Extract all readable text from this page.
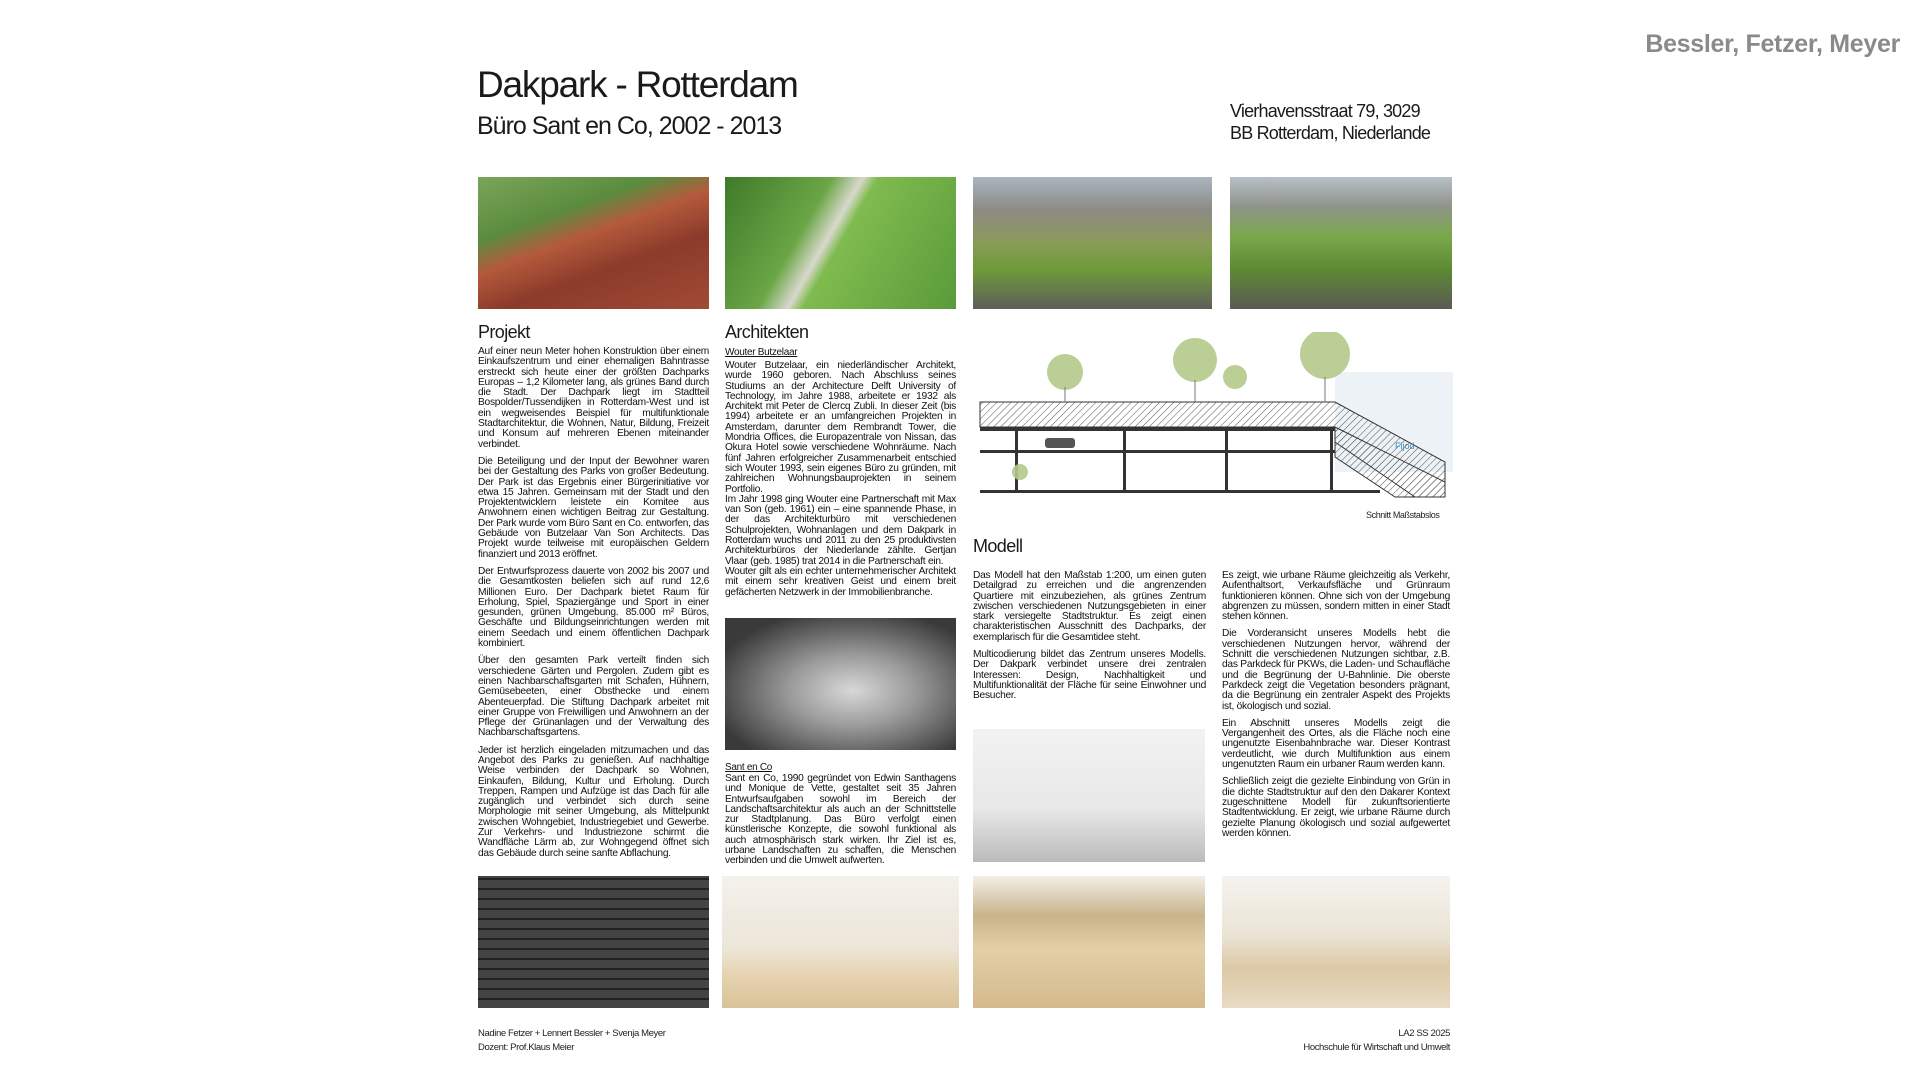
Bessler, Fetzer, Meyer
Dakpark - Rotterdam
Büro Sant en Co, 2002 - 2013
Vierhavensstraat 79, 3029
BB Rotterdam, Niederlande
Projekt

Auf einer neun Meter hohen Konstruktion über einem Einkaufszentrum und einer ehemaligen Bahntrasse erstreckt sich heute einer der größten Dachparks Europas – 1,2 Kilometer lang, als grünes Band durch die Stadt. Der Dachpark liegt im Stadtteil Bospolder/Tussendijken in Rotterdam-West und ist ein wegweisendes Beispiel für multifunktionale Stadtarchitektur, die Wohnen, Natur, Bildung, Freizeit und Konsum auf mehreren Ebenen miteinander verbindet.

Die Beteiligung und der Input der Bewohner waren bei der Gestaltung des Parks von großer Bedeutung. Der Park ist das Ergebnis einer Bürgerinitiative vor etwa 15 Jahren. Gemeinsam mit der Stadt und den Projektentwicklern leistete ein Komitee aus Anwohnern einen wichtigen Beitrag zur Gestaltung. Der Park wurde vom Büro Sant en Co. entworfen, das Gebäude von Butzelaar Van Son Architects. Das Projekt wurde teilweise mit europäischen Geldern finanziert und 2013 eröffnet.

Der Entwurfsprozess dauerte von 2002 bis 2007 und die Gesamtkosten beliefen sich auf rund 12,6 Millionen Euro. Der Dachpark bietet Raum für Erholung, Spiel, Spaziergänge und Sport in einer gesunden, grünen Umgebung. 85.000 m² Büros, Geschäfte und Bildungseinrichtungen werden mit einem Seedach und einem öffentlichen Dachpark kombiniert.

Über den gesamten Park verteilt finden sich verschiedene Gärten und Pergolen. Zudem gibt es einen Nachbarschaftsgarten mit Schafen, Hühnern, Gemüsebeeten, einer Obsthecke und einem Abenteuerpfad. Die Stiftung Dachpark arbeitet mit einer Gruppe von Freiwilligen und Anwohnern an der Pflege der Grünanlagen und der Verwaltung des Nachbarschaftsgartens.

Jeder ist herzlich eingeladen mitzumachen und das Angebot des Parks zu genießen. Auf nachhaltige Weise verbinden der Dachpark so Wohnen, Einkaufen, Bildung, Kultur und Erholung. Durch Treppen, Rampen und Aufzüge ist das Dach für alle zugänglich und verbindet sich durch seine Morphologie mit seiner Umgebung, als Mittelpunkt zwischen Wohngebiet, Industriegebiet und Gewerbe. Zur Verkehrs- und Industriezone schirmt die Wandfläche Lärm ab, zur Wohngegend öffnet sich das Gebäude durch seine sanfte Abflachung.

Architekten
Wouter Butzelaar
Wouter Butzelaar, ein niederländischer Architekt, wurde 1960 geboren. Nach Abschluss seines Studiums an der Architecture Delft University of Technology, im Jahre 1988, arbeitete er 1932 als Architekt mit Peter de Clercq Zubli. In dieser Zeit (bis 1994) arbeitete er an umfangreichen Projekten in Amsterdam, darunter dem Rembrandt Tower, die Mondria Offices, die Europazentrale von Nissan, das Okura Hotel sowie verschiedene Wohnräume. Nach fünf Jahren erfolgreicher Zusammenarbeit entschied sich Wouter 1993, sein eigenes Büro zu gründen, mit zahlreichen Wohnungsbauprojekten in seinem Portfolio.
Im Jahr 1998 ging Wouter eine Partnerschaft mit Max van Son (geb. 1961) ein – eine spannende Phase, in der das Architekturbüro mit verschiedenen Schulprojekten, Wohnanlagen und dem Dakpark in Rotterdam wuchs und 2011 zu den 25 produktivsten Architekturbüros der Niederlande zählte. Gertjan Vlaar (geb. 1985) trat 2014 in die Partnerschaft ein.
Wouter gilt als ein echter unternehmerischer Architekt mit einem sehr kreativen Geist und einem breit gefächerten Netzwerk in der Immobilienbranche.
Sant en Co
Sant en Co, 1990 gegründet von Edwin Santhagens und Monique de Vette, gestaltet seit 35 Jahren Entwurfsaufgaben sowohl im Bereich der Landschaftsarchitektur als auch an der Schnittstelle zur Stadtplanung. Das Büro verfolgt einen künstlerische Konzepte, die sowohl funktional als auch atmosphärisch stark wirken. Ihr Ziel ist es, urbane Landschaften zu schaffen, die Menschen verbinden und die Umwelt aufwerten.
Fljod
Schnitt Maßstabslos
Modell

Das Modell hat den Maßstab 1:200, um einen guten Detailgrad zu erreichen und die angrenzenden Quartiere mit einzubeziehen, als grünes Zentrum zwischen verschiedenen Nutzungsgebieten in einer stark versiegelte Stadtstruktur. Es zeigt einen charakteristischen Ausschnitt des Dachparks, der exemplarisch für die Gesamtidee steht.

Multicodierung bildet das Zentrum unseres Modells. Der Dakpark verbindet unsere drei zentralen Interessen: Design, Nachhaltigkeit und Multifunktionalität der Fläche für seine Einwohner und Besucher.

Es zeigt, wie urbane Räume gleichzeitig als Verkehr, Aufenthaltsort, Verkaufsfläche und Grünraum funktionieren können. Ohne sich von der Umgebung abgrenzen zu müssen, sondern mitten in einer Stadt stehen können.

Die Vorderansicht unseres Modells hebt die verschiedenen Nutzungen hervor, während der Schnitt die verschiedenen Nutzungen sichtbar, z.B. das Parkdeck für PKWs, die Laden- und Schaufläche und die Begrünung der U-Bahnlinie. Die oberste Parkdeck zeigt die Vegetation besonders prägnant, da die Begrünung ein zentraler Aspekt des Projekts ist, ökologisch und sozial.

Ein Abschnitt unseres Modells zeigt die Vergangenheit des Ortes, als die Fläche noch eine ungenutzte Eisenbahnbrache war. Dieser Kontrast verdeutlicht, wie durch Multifunktion aus einem ungenutzten Raum ein urbaner Raum werden kann.

Schließlich zeigt die gezielte Einbindung von Grün in die dichte Stadtstruktur auf den den Dakarer Kontext zugeschnittene Modell für zukunftsorientierte Stadtentwicklung. Er zeigt, wie urbane Räume durch gezielte Planung ökologisch und sozial aufgewertet werden können.

Nadine Fetzer + Lennert Bessler + Svenja Meyer
Dozent: Prof.Klaus Meier
LA2 SS 2025
Hochschule für Wirtschaft und Umwelt
